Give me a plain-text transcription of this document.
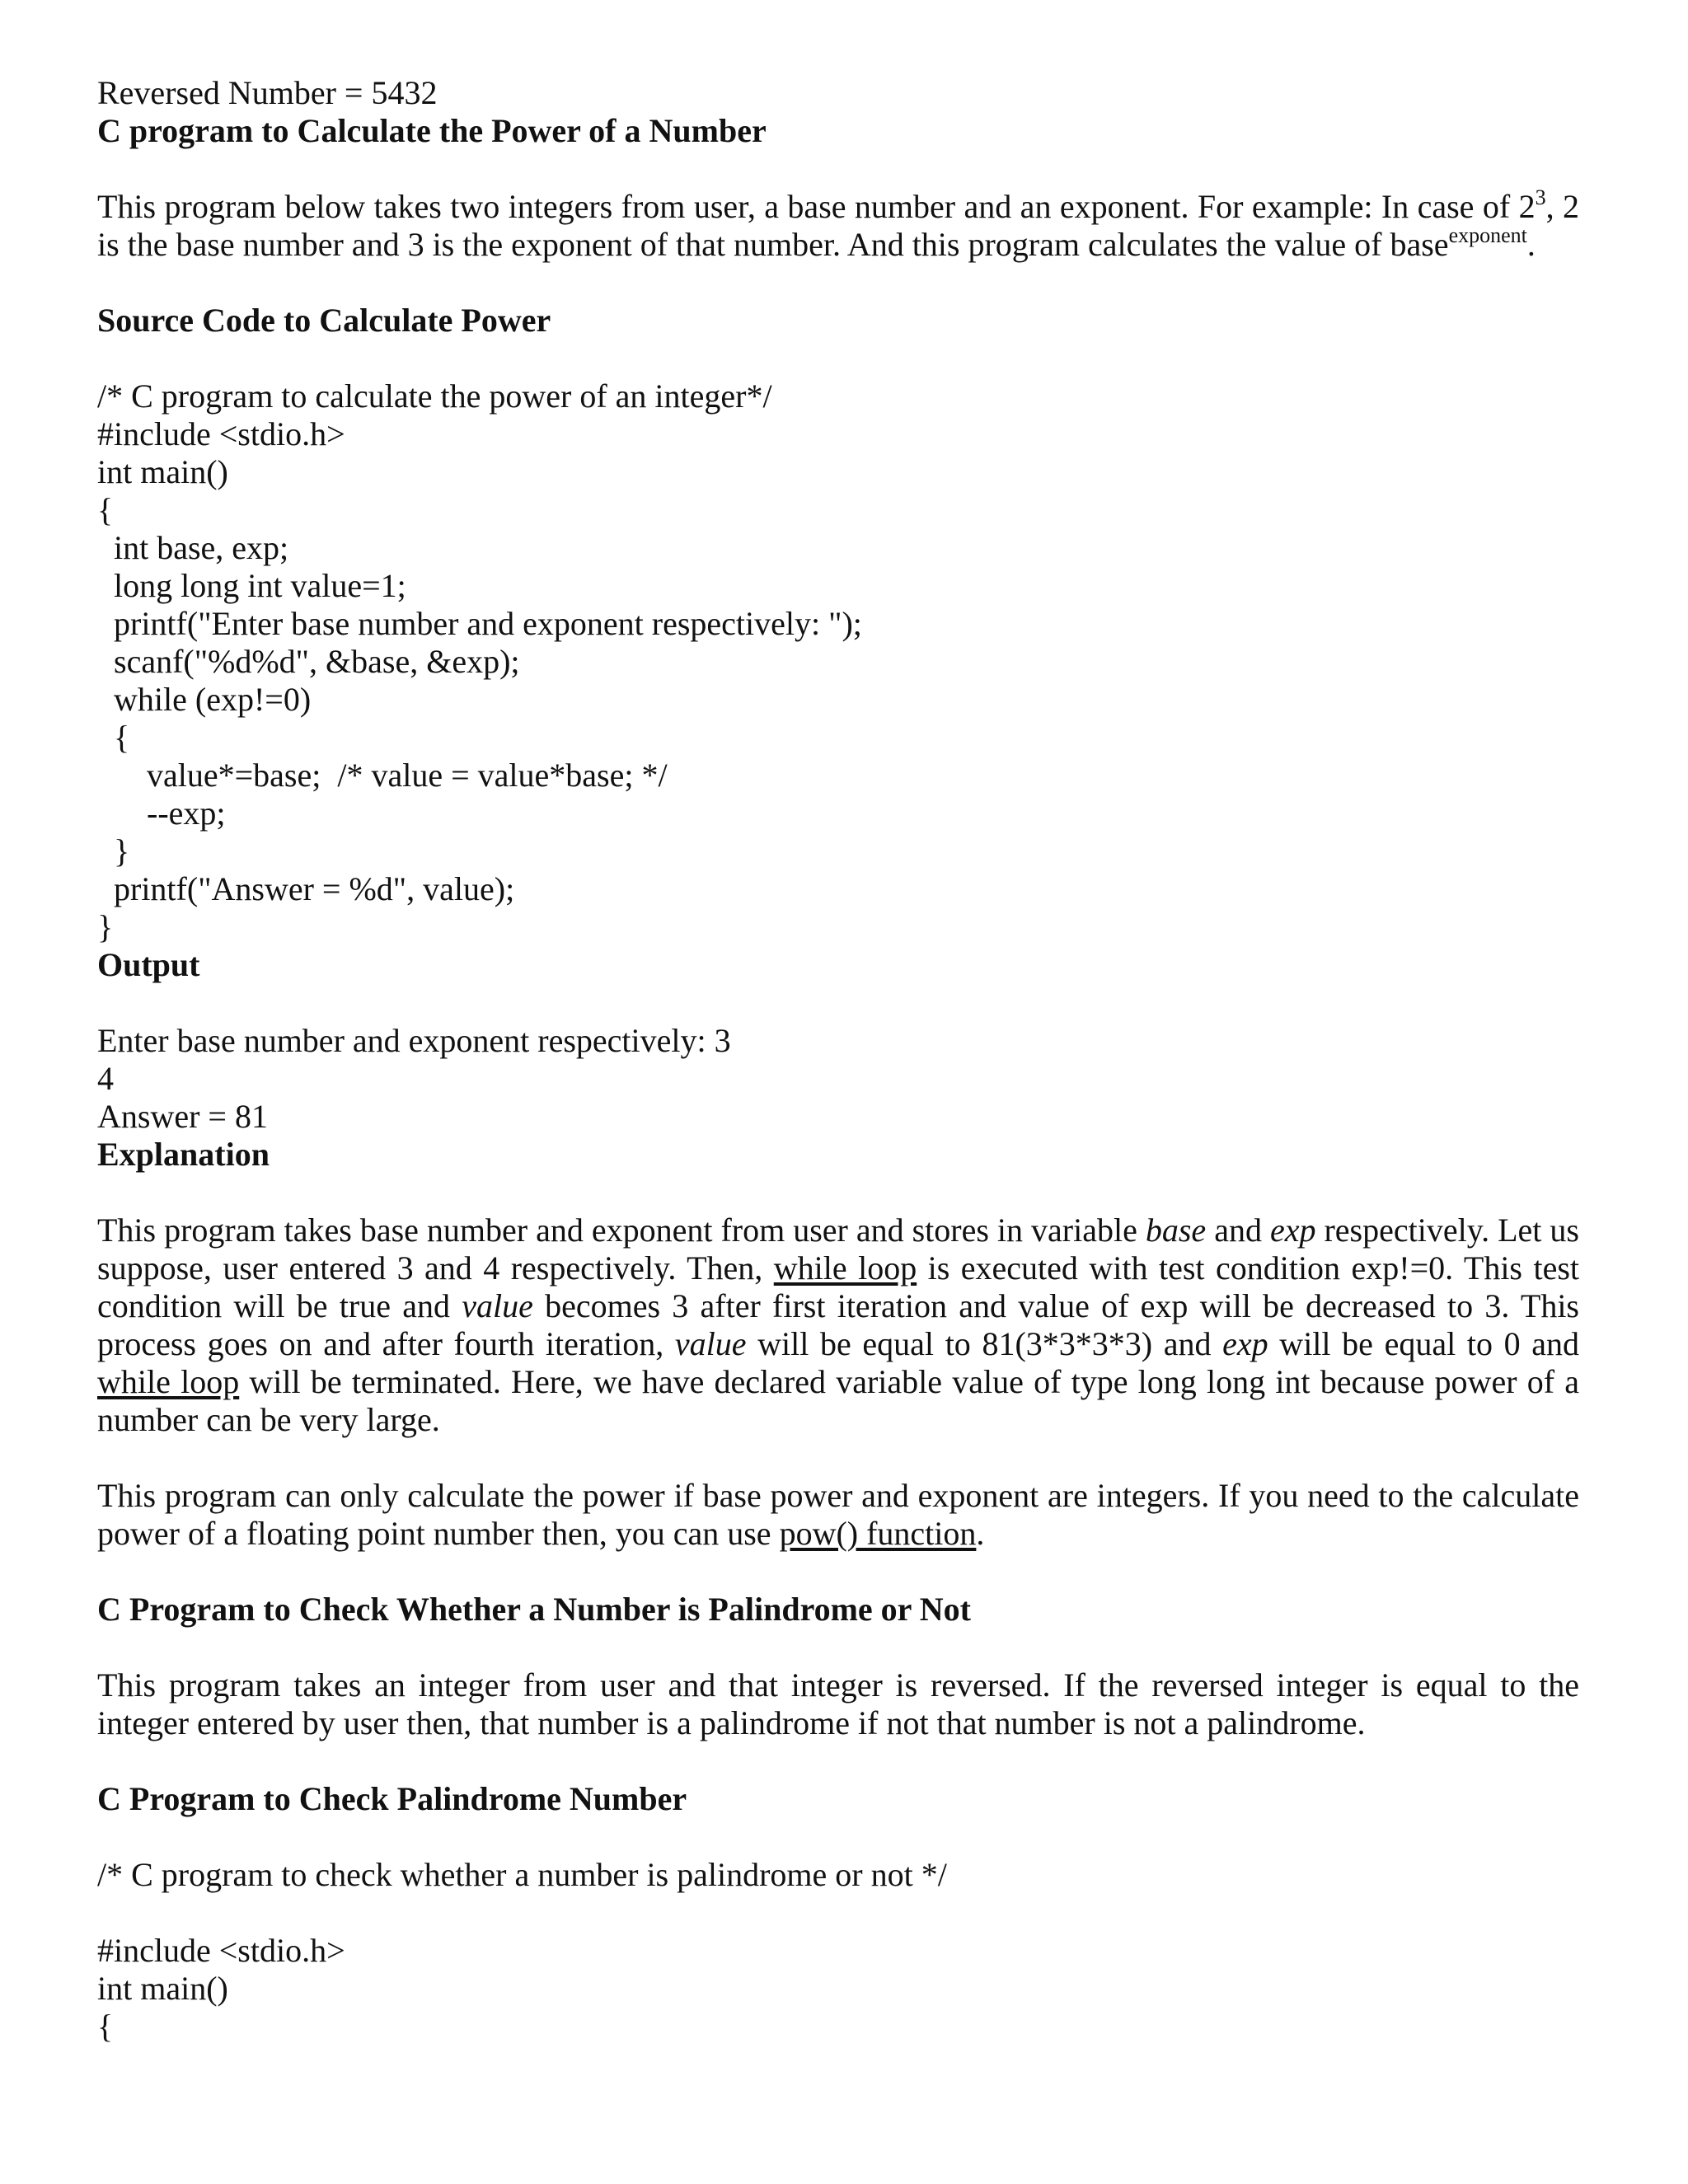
Reversed Number = 5432
C program to Calculate the Power of a Number

This program below takes two integers from user, a base number and an exponent. For example: In case of $2^3$, 2 is the base number and 3 is the exponent of that number. And this program calculates the value of base$^{exponent}$.

Source Code to Calculate Power
/* C program to calculate the power of an integer*/
#include <stdio.h>
int main()
{
int base, exp;
long long int value=1;
printf("Enter base number and exponent respectively: ");
scanf("%d%d", &base, &exp);
while (exp!=0)
{
value*=base;  /* value = value*base; */
--exp;
}
printf("Answer = %d", value);
}
Output
Enter base number and exponent respectively: 3
4
Answer = 81
Explanation

This program takes base number and exponent from user and stores in variable base and exp respectively. Let us suppose, user entered 3 and 4 respectively. Then, while loop is executed with test condition exp!=0. This test condition will be true and value becomes 3 after first iteration and value of exp will be decreased to 3. This process goes on and after fourth iteration, value will be equal to 81(3*3*3*3) and exp will be equal to 0 and while loop will be terminated. Here, we have declared variable value of type long long int because power of a number can be very large.

This program can only calculate the power if base power and exponent are integers. If you need to the calculate power of a floating point number then, you can use pow() function.

C Program to Check Whether a Number is Palindrome or Not

This program takes an integer from user and that integer is reversed. If the reversed integer is equal to the integer entered by user then, that number is a palindrome if not that number is not a palindrome.

C Program to Check Palindrome Number
/* C program to check whether a number is palindrome or not */
#include <stdio.h>
int main()
{
